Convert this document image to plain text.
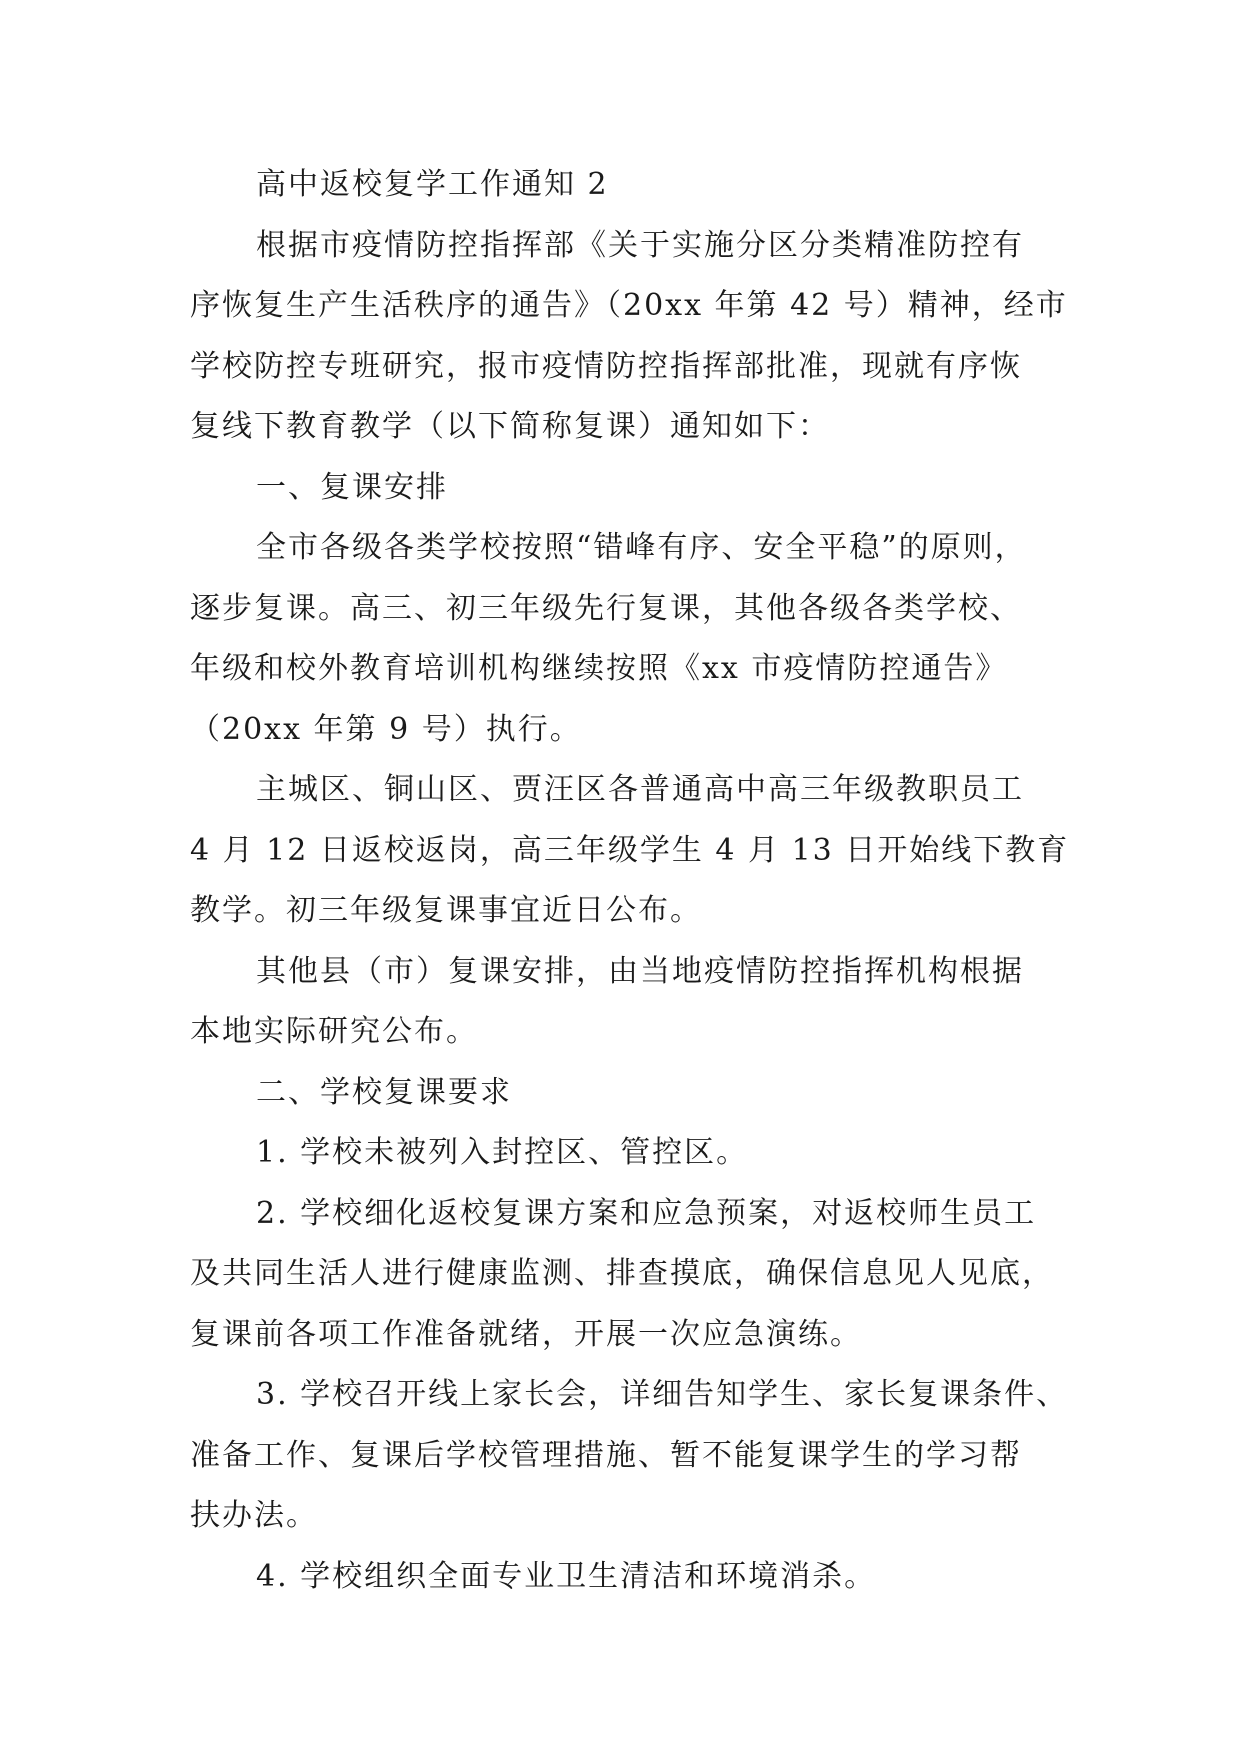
高中返校复学工作通知 2
根据市疫情防控指挥部《关于实施分区分类精准防控有
序恢复生产生活秩序的通告》（20xx 年第 42 号）精神，经市
学校防控专班研究，报市疫情防控指挥部批准，现就有序恢
复线下教育教学（以下简称复课）通知如下：
一、复课安排
全市各级各类学校按照“错峰有序、安全平稳”的原则，
逐步复课。高三、初三年级先行复课，其他各级各类学校、
年级和校外教育培训机构继续按照《xx 市疫情防控通告》
（20xx 年第 9 号）执行。
主城区、铜山区、贾汪区各普通高中高三年级教职员工
4 月 12 日返校返岗，高三年级学生 4 月 13 日开始线下教育
教学。初三年级复课事宜近日公布。
其他县（市）复课安排，由当地疫情防控指挥机构根据
本地实际研究公布。
二、学校复课要求
1. 学校未被列入封控区、管控区。
2. 学校细化返校复课方案和应急预案，对返校师生员工
及共同生活人进行健康监测、排查摸底，确保信息见人见底，
复课前各项工作准备就绪，开展一次应急演练。
3. 学校召开线上家长会，详细告知学生、家长复课条件、
准备工作、复课后学校管理措施、暂不能复课学生的学习帮
扶办法。
4. 学校组织全面专业卫生清洁和环境消杀。
